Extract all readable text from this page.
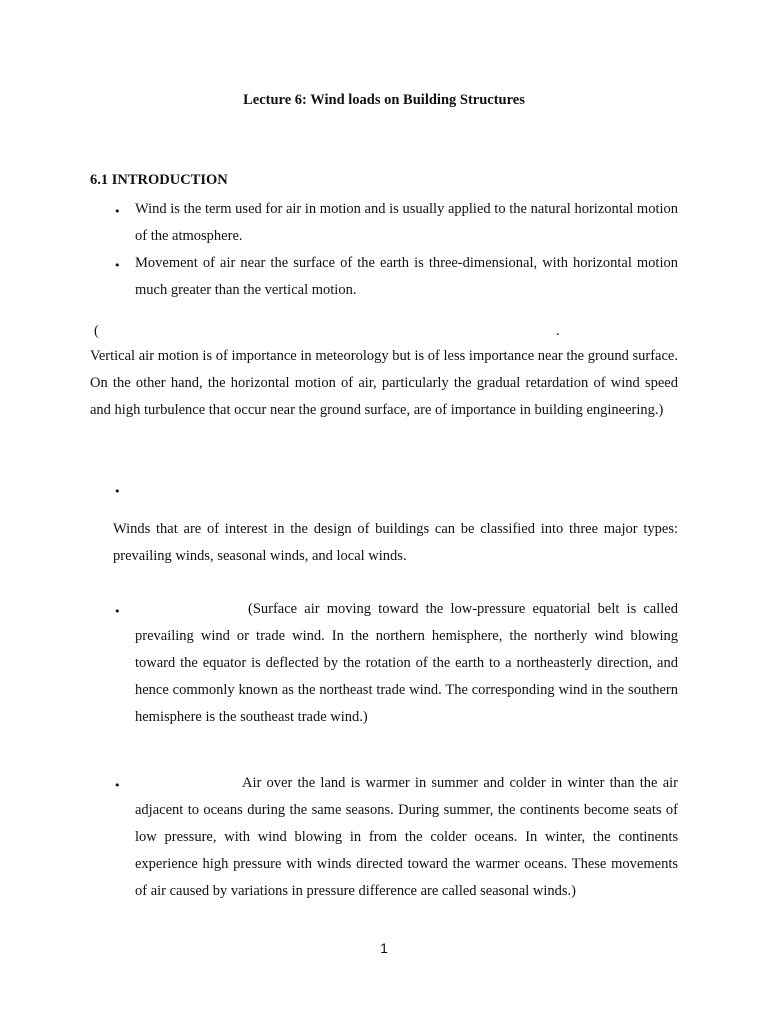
Lecture 6: Wind loads on Building Structures
6.1 INTRODUCTION
• Wind is the term used for air in motion and is usually applied to the natural horizontal motion of the atmosphere.
• Movement of air near the surface of the earth is three-dimensional, with horizontal motion much greater than the vertical motion.
(	.
Vertical air motion is of importance in meteorology but is of less importance near the ground surface. On the other hand, the horizontal motion of air, particularly the gradual retardation of wind speed and high turbulence that occur near the ground surface, are of importance in building engineering.)
•
Winds that are of interest in the design of buildings can be classified into three major types: prevailing winds, seasonal winds, and local winds.
•	(Surface air moving toward the low-pressure equatorial belt is called prevailing wind or trade wind. In the northern hemisphere, the northerly wind blowing toward the equator is deflected by the rotation of the earth to a northeasterly direction, and hence commonly known as the northeast trade wind. The corresponding wind in the southern hemisphere is the southeast trade wind.)
•	Air over the land is warmer in summer and colder in winter than the air adjacent to oceans during the same seasons. During summer, the continents become seats of low pressure, with wind blowing in from the colder oceans. In winter, the continents experience high pressure with winds directed toward the warmer oceans. These movements of air caused by variations in pressure difference are called seasonal winds.)
1
